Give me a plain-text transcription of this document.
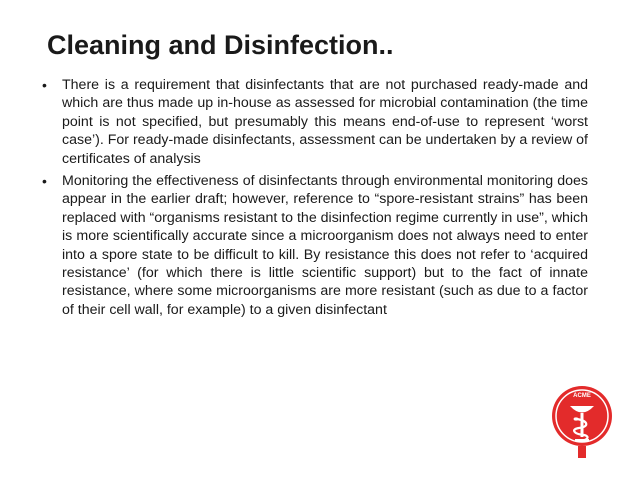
Cleaning and Disinfection..
• There is a requirement that disinfectants that are not purchased ready-made and which are thus made up in-house as assessed for microbial contamination (the time point is not specified, but presumably this means end-of-use to represent ‘worst case’). For ready-made disinfectants, assessment can be undertaken by a review of certificates of analysis
• Monitoring the effectiveness of disinfectants through environmental monitoring does appear in the earlier draft; however, reference to “spore-resistant strains” has been replaced with “organisms resistant to the disinfection regime currently in use”, which is more scientifically accurate since a microorganism does not always need to enter into a spore state to be difficult to kill. By resistance this does not refer to ‘acquired resistance’ (for which there is little scientific support) but to the fact of innate resistance, where some microorganisms are more resistant (such as due to a factor of their cell wall, for example) to a given disinfectant
ACME
